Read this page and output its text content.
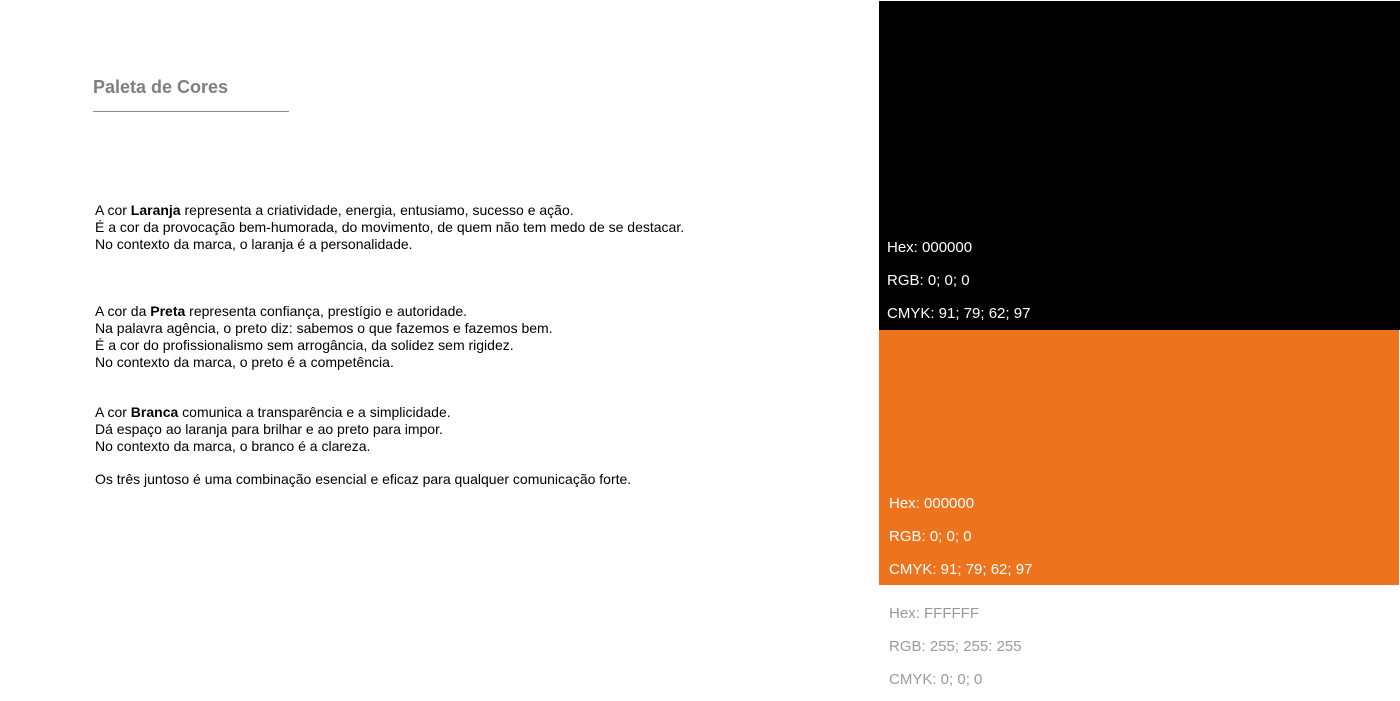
Paleta de Cores
A cor Laranja representa a criatividade, energia, entusiamo, sucesso e ação.
É a cor da provocação bem-humorada, do movimento, de quem não tem medo de se destacar.
No contexto da marca, o laranja é a personalidade.
A cor da Preta representa confiança, prestígio e autoridade.
Na palavra agência, o preto diz: sabemos o que fazemos e fazemos bem.
É a cor do profissionalismo sem arrogância, da solidez sem rigidez.
No contexto da marca, o preto é a competência.
A cor Branca comunica a transparência e a simplicidade.
Dá espaço ao laranja para brilhar e ao preto para impor.
No contexto da marca, o branco é a clareza.
Os três juntoso é uma combinação esencial e eficaz para qualquer comunicação forte.
Hex: 000000
RGB: 0; 0; 0
CMYK: 91; 79; 62; 97
Hex: 000000
RGB: 0; 0; 0
CMYK: 91; 79; 62; 97
Hex: FFFFFF
RGB: 255; 255: 255
CMYK: 0; 0; 0
